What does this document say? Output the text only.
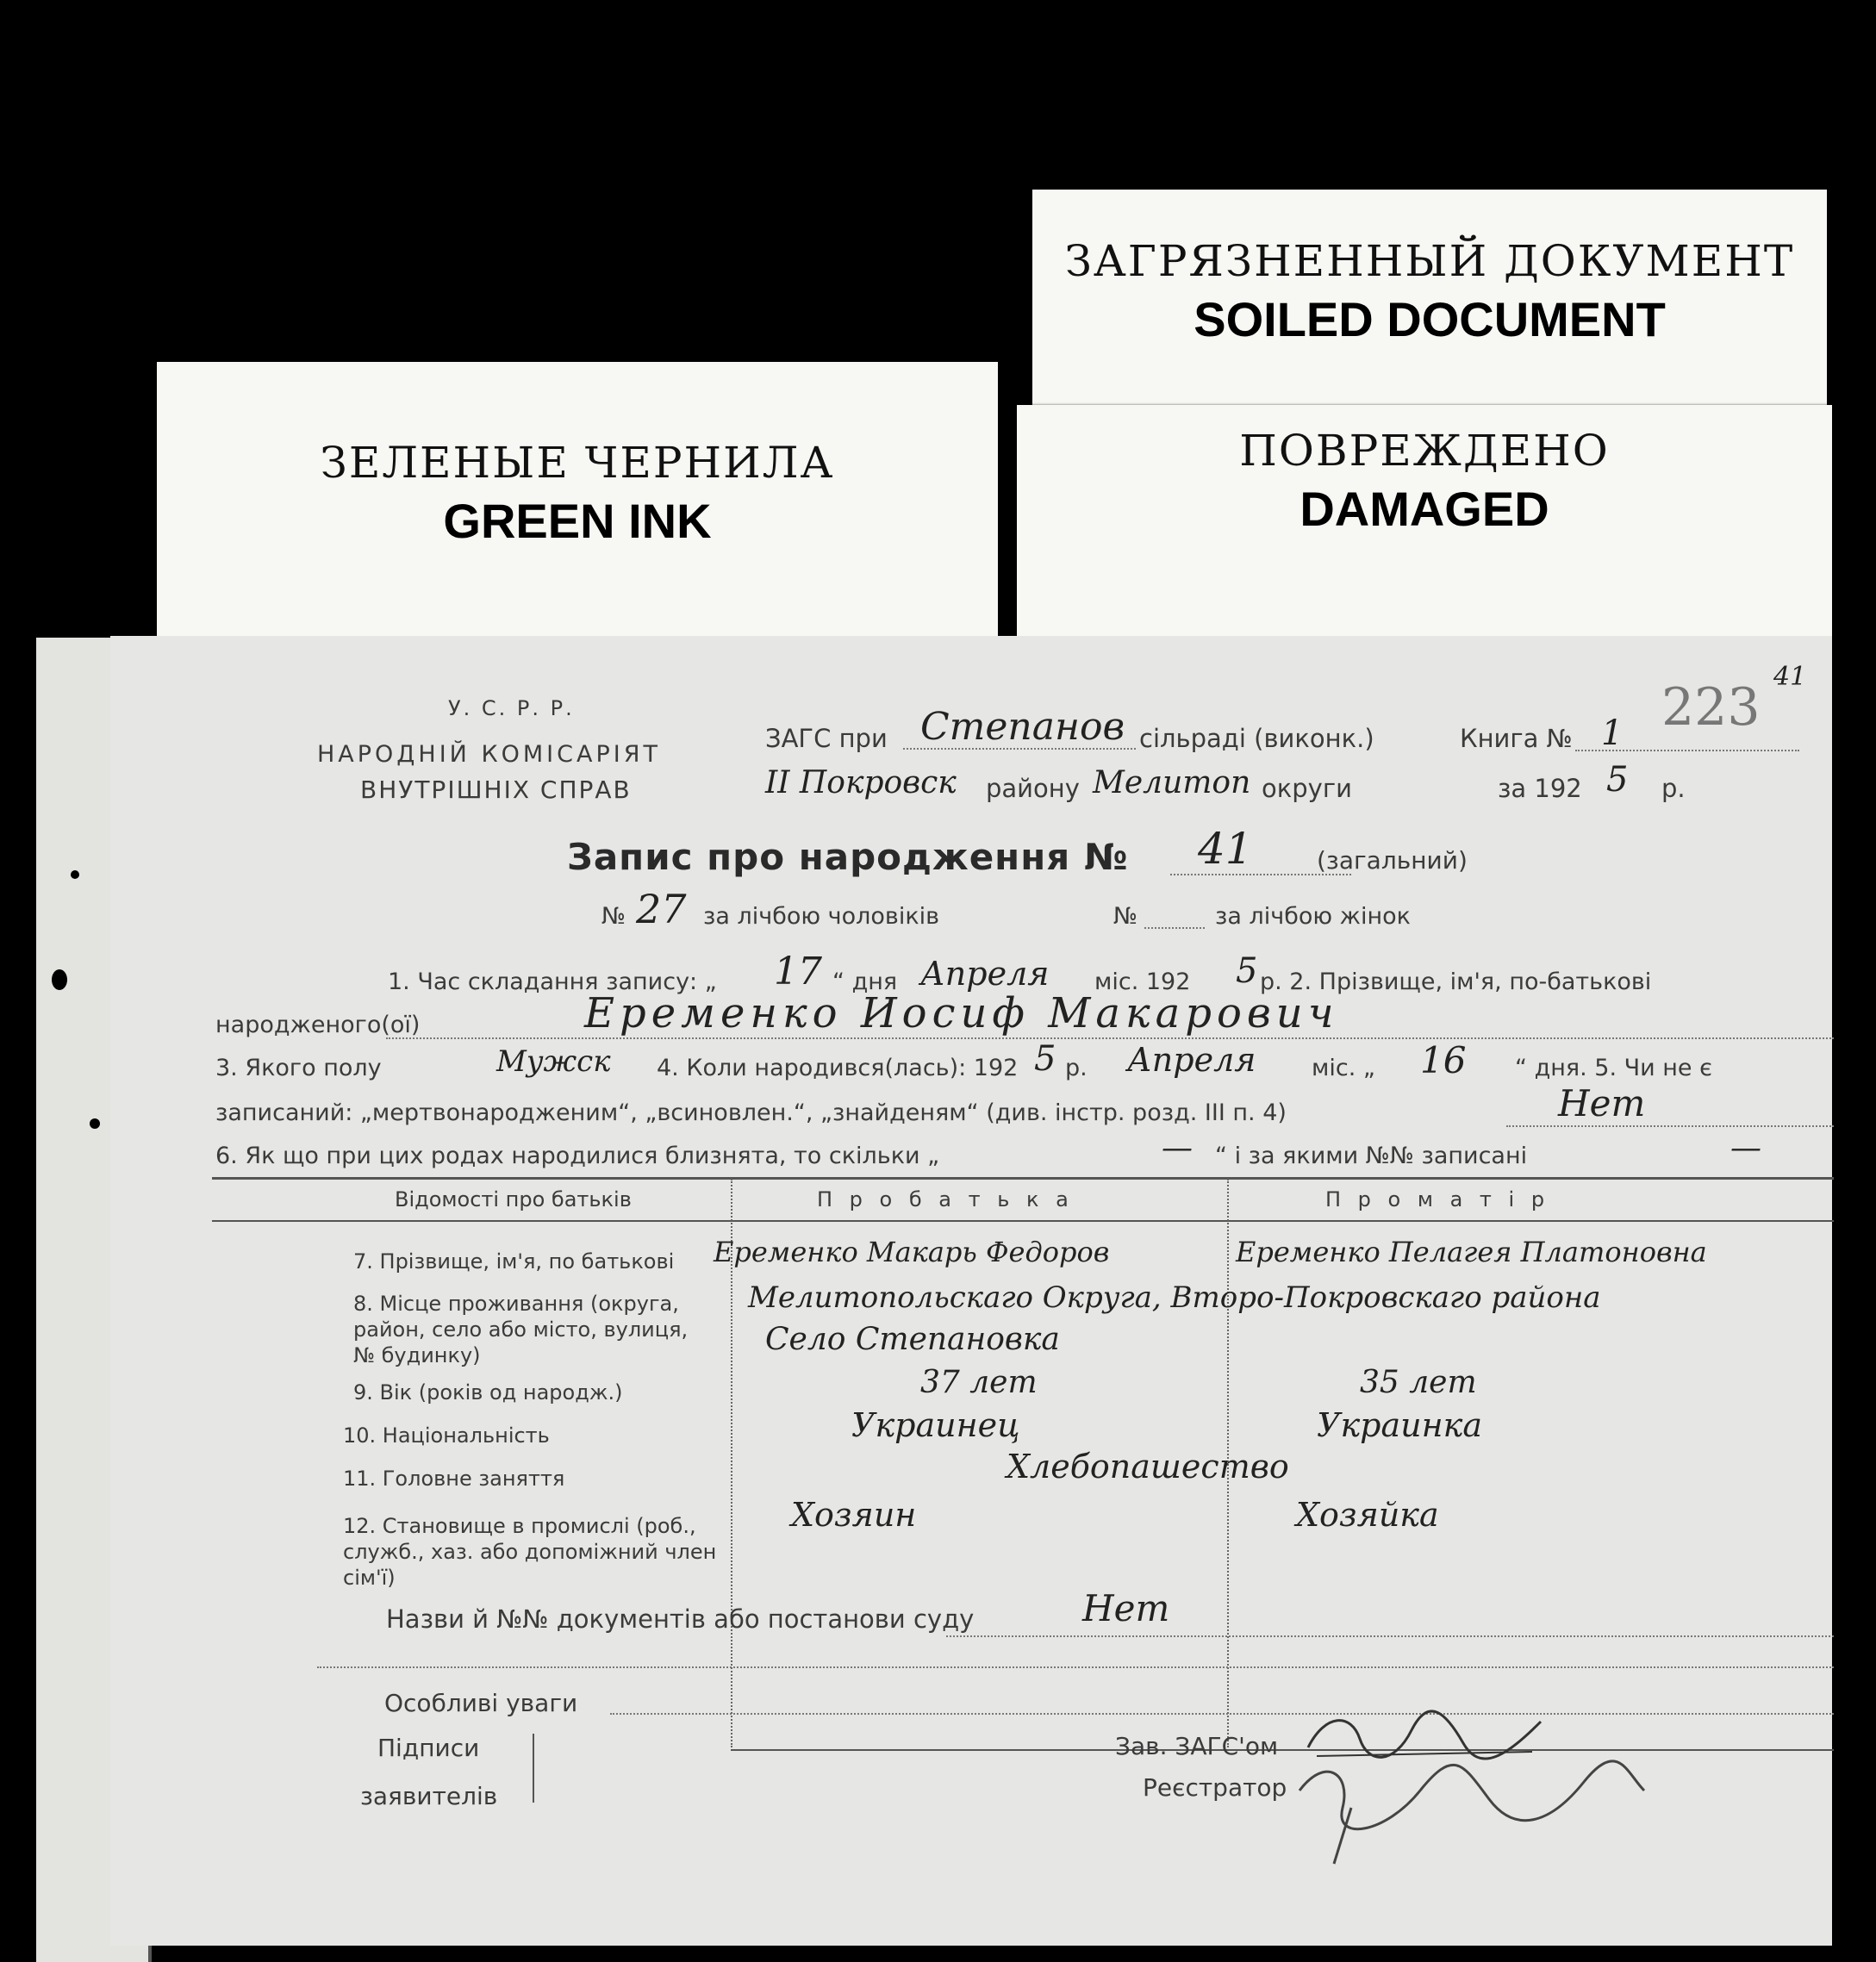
ЗЕЛЕНЫЕ ЧЕРНИЛА
GREEN INK
ЗАГРЯЗНЕННЫЙ ДОКУМЕНТ
SOILED DOCUMENT
ПОВРЕЖДЕНО
DAMAGED
У. С. Р. Р.
НАРОДНІЙ КОМІСАРІЯТ
ВНУТРІШНІХ СПРАВ
ЗАГС при Степанов сільраді (виконк.)	Книга № 1 223
41
II Покровск району Мелитоп округи	за 192 5 р.
Запис про народження № 41	(загальний)
№ 27 за лічбою чоловіків	№	за лічбою жінок
1. Час складання запису: „ 17 “ дня Апреля міс. 192 5 р. 2. Прізвище, ім'я, по-батькові
народженого(ої)	Еременко Иосиф Макарович
3. Якого полу	Мужск 4. Коли народився(лась): 192 5 р. Апреля міс. „ 16 “ дня. 5. Чи не є
записаний: „мертвонародженим“, „всиновлен.“, „знайденям“ (див. інстр. розд. III п. 4)	Нет
6. Як що при цих родах народилися близнята, то скільки „	— “ і за якими №№ записані	—
Відомості про батьків	П р о б а т ь к а	П р о м а т і р
7. Прізвище, ім'я, по батькові Еременко Макарь Федоров	Еременко Пелагея Платоновна
8. Місце проживання (округа, район, село або місто, вулиця, № будинку)
Мелитопольскаго Округа, Второ-Покровскаго района
Село Степановка
9. Вік (років од народж.)	37 лет	35 лет
10. Національність	Украинец	Украинка
11. Головне заняття	Хлебопашество
12. Становище в промислі (роб., служб., хаз. або допоміжний член сім'ї)
Хозяин	Хозяйка
Назви й №№ документів або постанови суду	Нет
Особливі уваги
Підписи
заявителів
Зав. ЗАГС'ом
Реєстратор
